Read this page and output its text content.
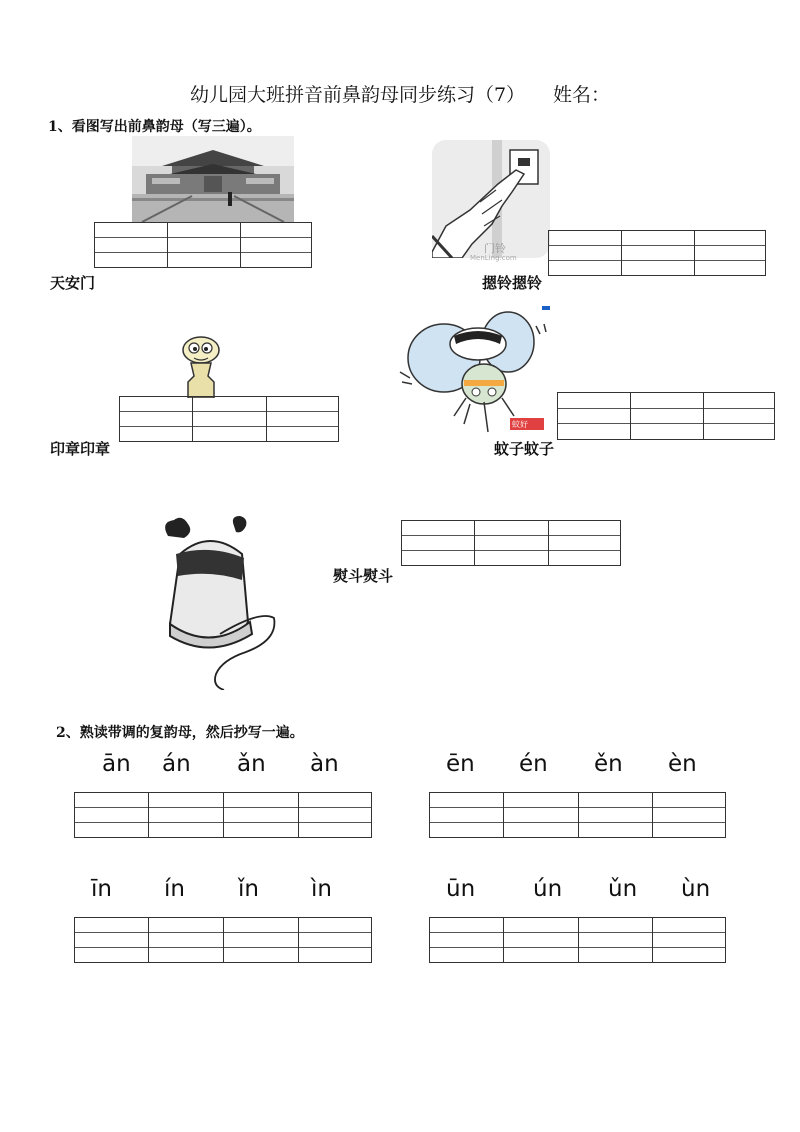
幼儿园大班拼音前鼻韵母同步练习（7） 姓名：
1、看图写出前鼻韵母（写三遍）。
天安门
门铃
MenLing.com
摁铃摁铃
印章印章
蚊好
蚊子蚊子
熨斗熨斗
2、熟读带调的复韵母，然后抄写一遍。
ān án ǎn àn	ēn én ěn èn
īn ín ǐn ìn	ūn	ún ǔn ùn
